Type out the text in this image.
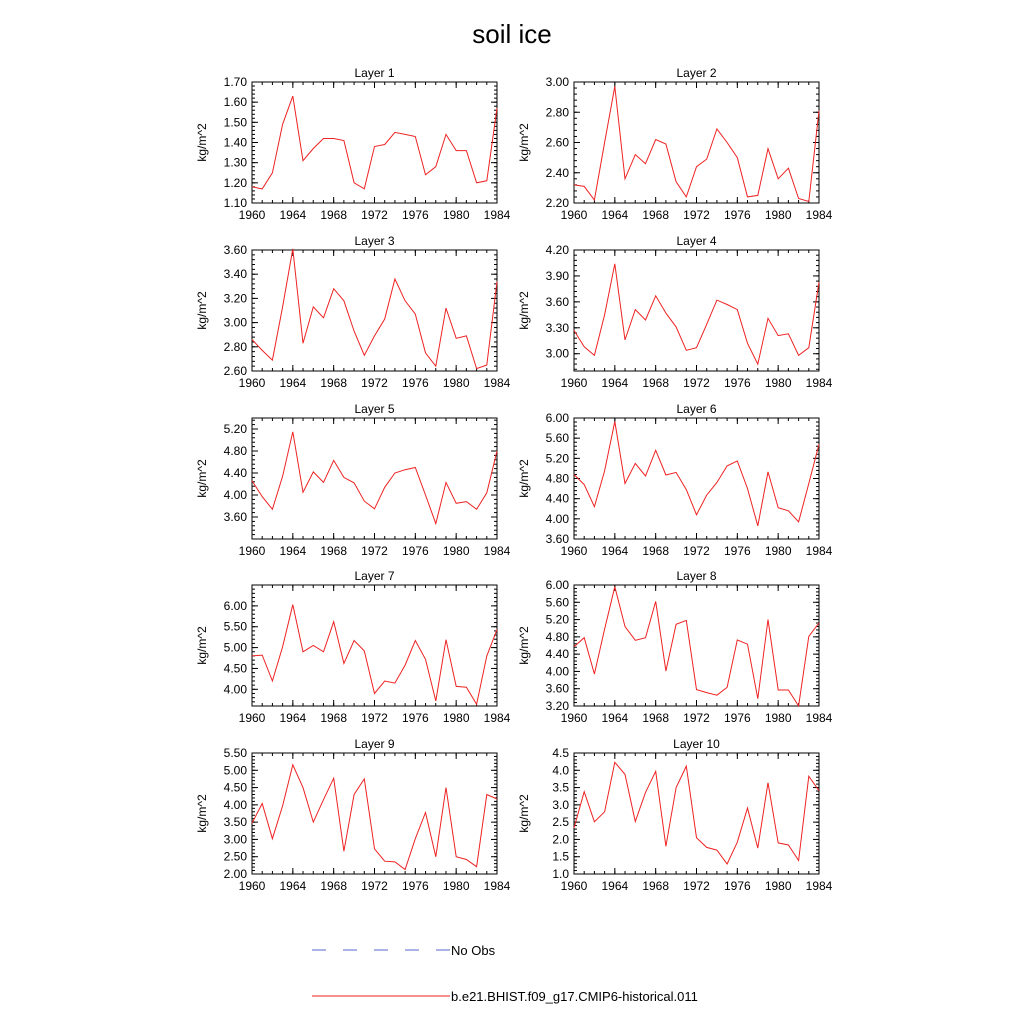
soil ice
Layer 1
kg/m^2
1960 1964 1968 1972 1976 1980 1984
1.10
1.20
1.30
1.40
1.50
1.60
1.70
Layer 2
kg/m^2
1960 1964 1968 1972 1976 1980 1984
2.20
2.40
2.60
2.80
3.00
Layer 3
kg/m^2
1960 1964 1968 1972 1976 1980 1984
2.60
2.80
3.00
3.20
3.40
3.60
Layer 4
kg/m^2
1960 1964 1968 1972 1976 1980 1984
3.00
3.30
3.60
3.90
4.20
Layer 5
kg/m^2
1960 1964 1968 1972 1976 1980 1984
3.60
4.00
4.40
4.80
5.20
Layer 6
kg/m^2
1960 1964 1968 1972 1976 1980 1984
3.60
4.00
4.40
4.80
5.20
5.60
6.00
Layer 7
kg/m^2
1960 1964 1968 1972 1976 1980 1984
4.00
4.50
5.00
5.50
6.00
Layer 8
kg/m^2
1960 1964 1968 1972 1976 1980 1984
3.20
3.60
4.00
4.40
4.80
5.20
5.60
6.00
Layer 9
kg/m^2
1960 1964 1968 1972 1976 1980 1984
2.00
2.50
3.00
3.50
4.00
4.50
5.00
5.50
Layer 10
kg/m^2
1960 1964 1968 1972 1976 1980 1984
1.0
1.5
2.0
2.5
3.0
3.5
4.0
4.5
No Obs
b.e21.BHIST.f09_g17.CMIP6-historical.011
